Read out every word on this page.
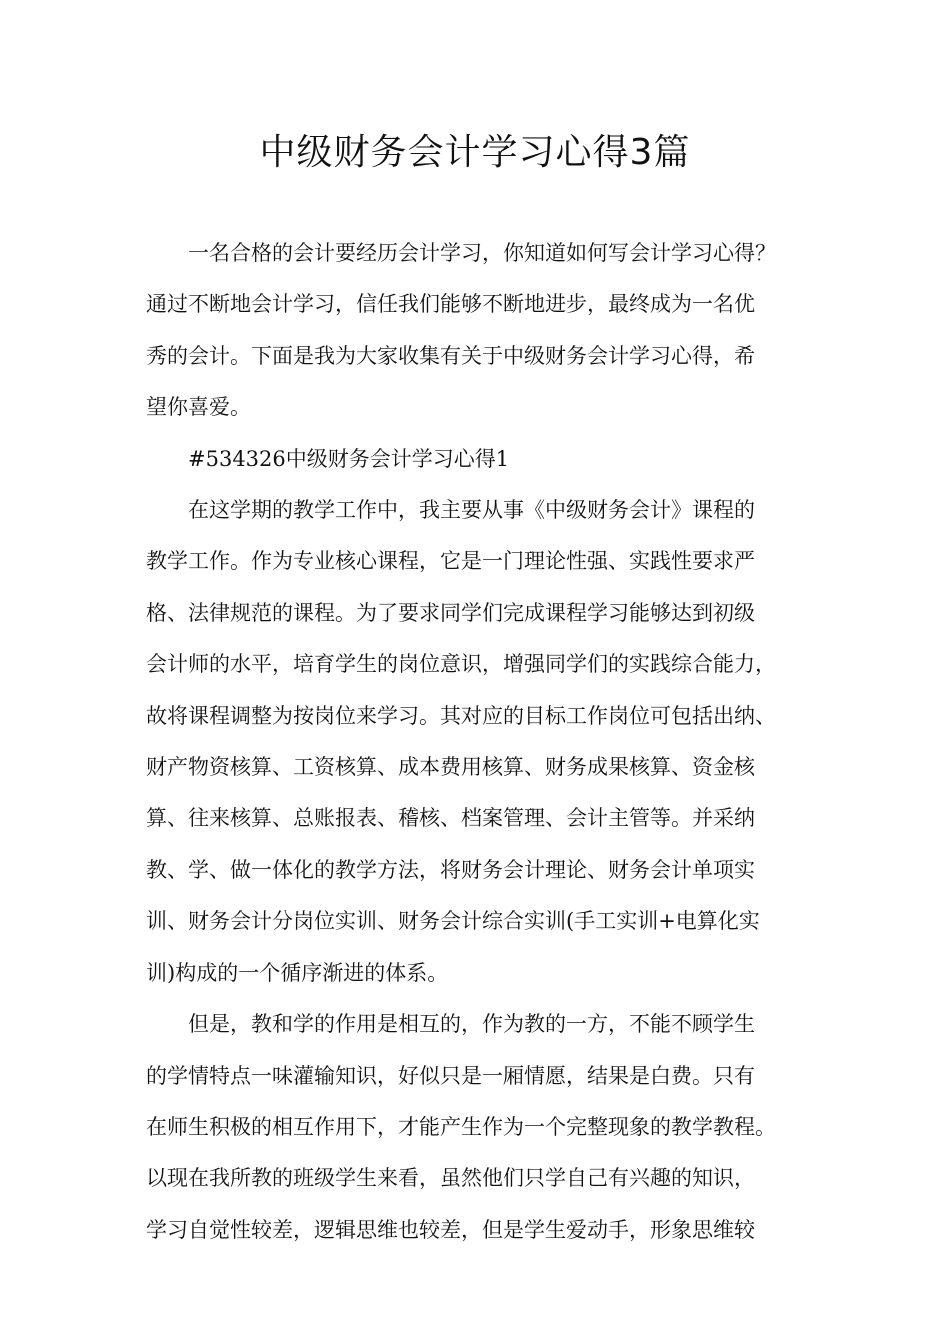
中级财务会计学习心得3篇
一名合格的会计要经历会计学习，你知道如何写会计学习心得？
通过不断地会计学习，信任我们能够不断地进步，最终成为一名优
秀的会计。下面是我为大家收集有关于中级财务会计学习心得，希
望你喜爱。
#534326中级财务会计学习心得1
在这学期的教学工作中，我主要从事《中级财务会计》课程的
教学工作。作为专业核心课程，它是一门理论性强、实践性要求严
格、法律规范的课程。为了要求同学们完成课程学习能够达到初级
会计师的水平，培育学生的岗位意识，增强同学们的实践综合能力，
故将课程调整为按岗位来学习。其对应的目标工作岗位可包括出纳、
财产物资核算、工资核算、成本费用核算、财务成果核算、资金核
算、往来核算、总账报表、稽核、档案管理、会计主管等。并采纳
教、学、做一体化的教学方法，将财务会计理论、财务会计单项实
训、财务会计分岗位实训、财务会计综合实训(手工实训+电算化实
训)构成的一个循序渐进的体系。
但是，教和学的作用是相互的，作为教的一方，不能不顾学生
的学情特点一味灌输知识，好似只是一厢情愿，结果是白费。只有
在师生积极的相互作用下，才能产生作为一个完整现象的教学教程。
以现在我所教的班级学生来看，虽然他们只学自己有兴趣的知识，
学习自觉性较差，逻辑思维也较差，但是学生爱动手，形象思维较
